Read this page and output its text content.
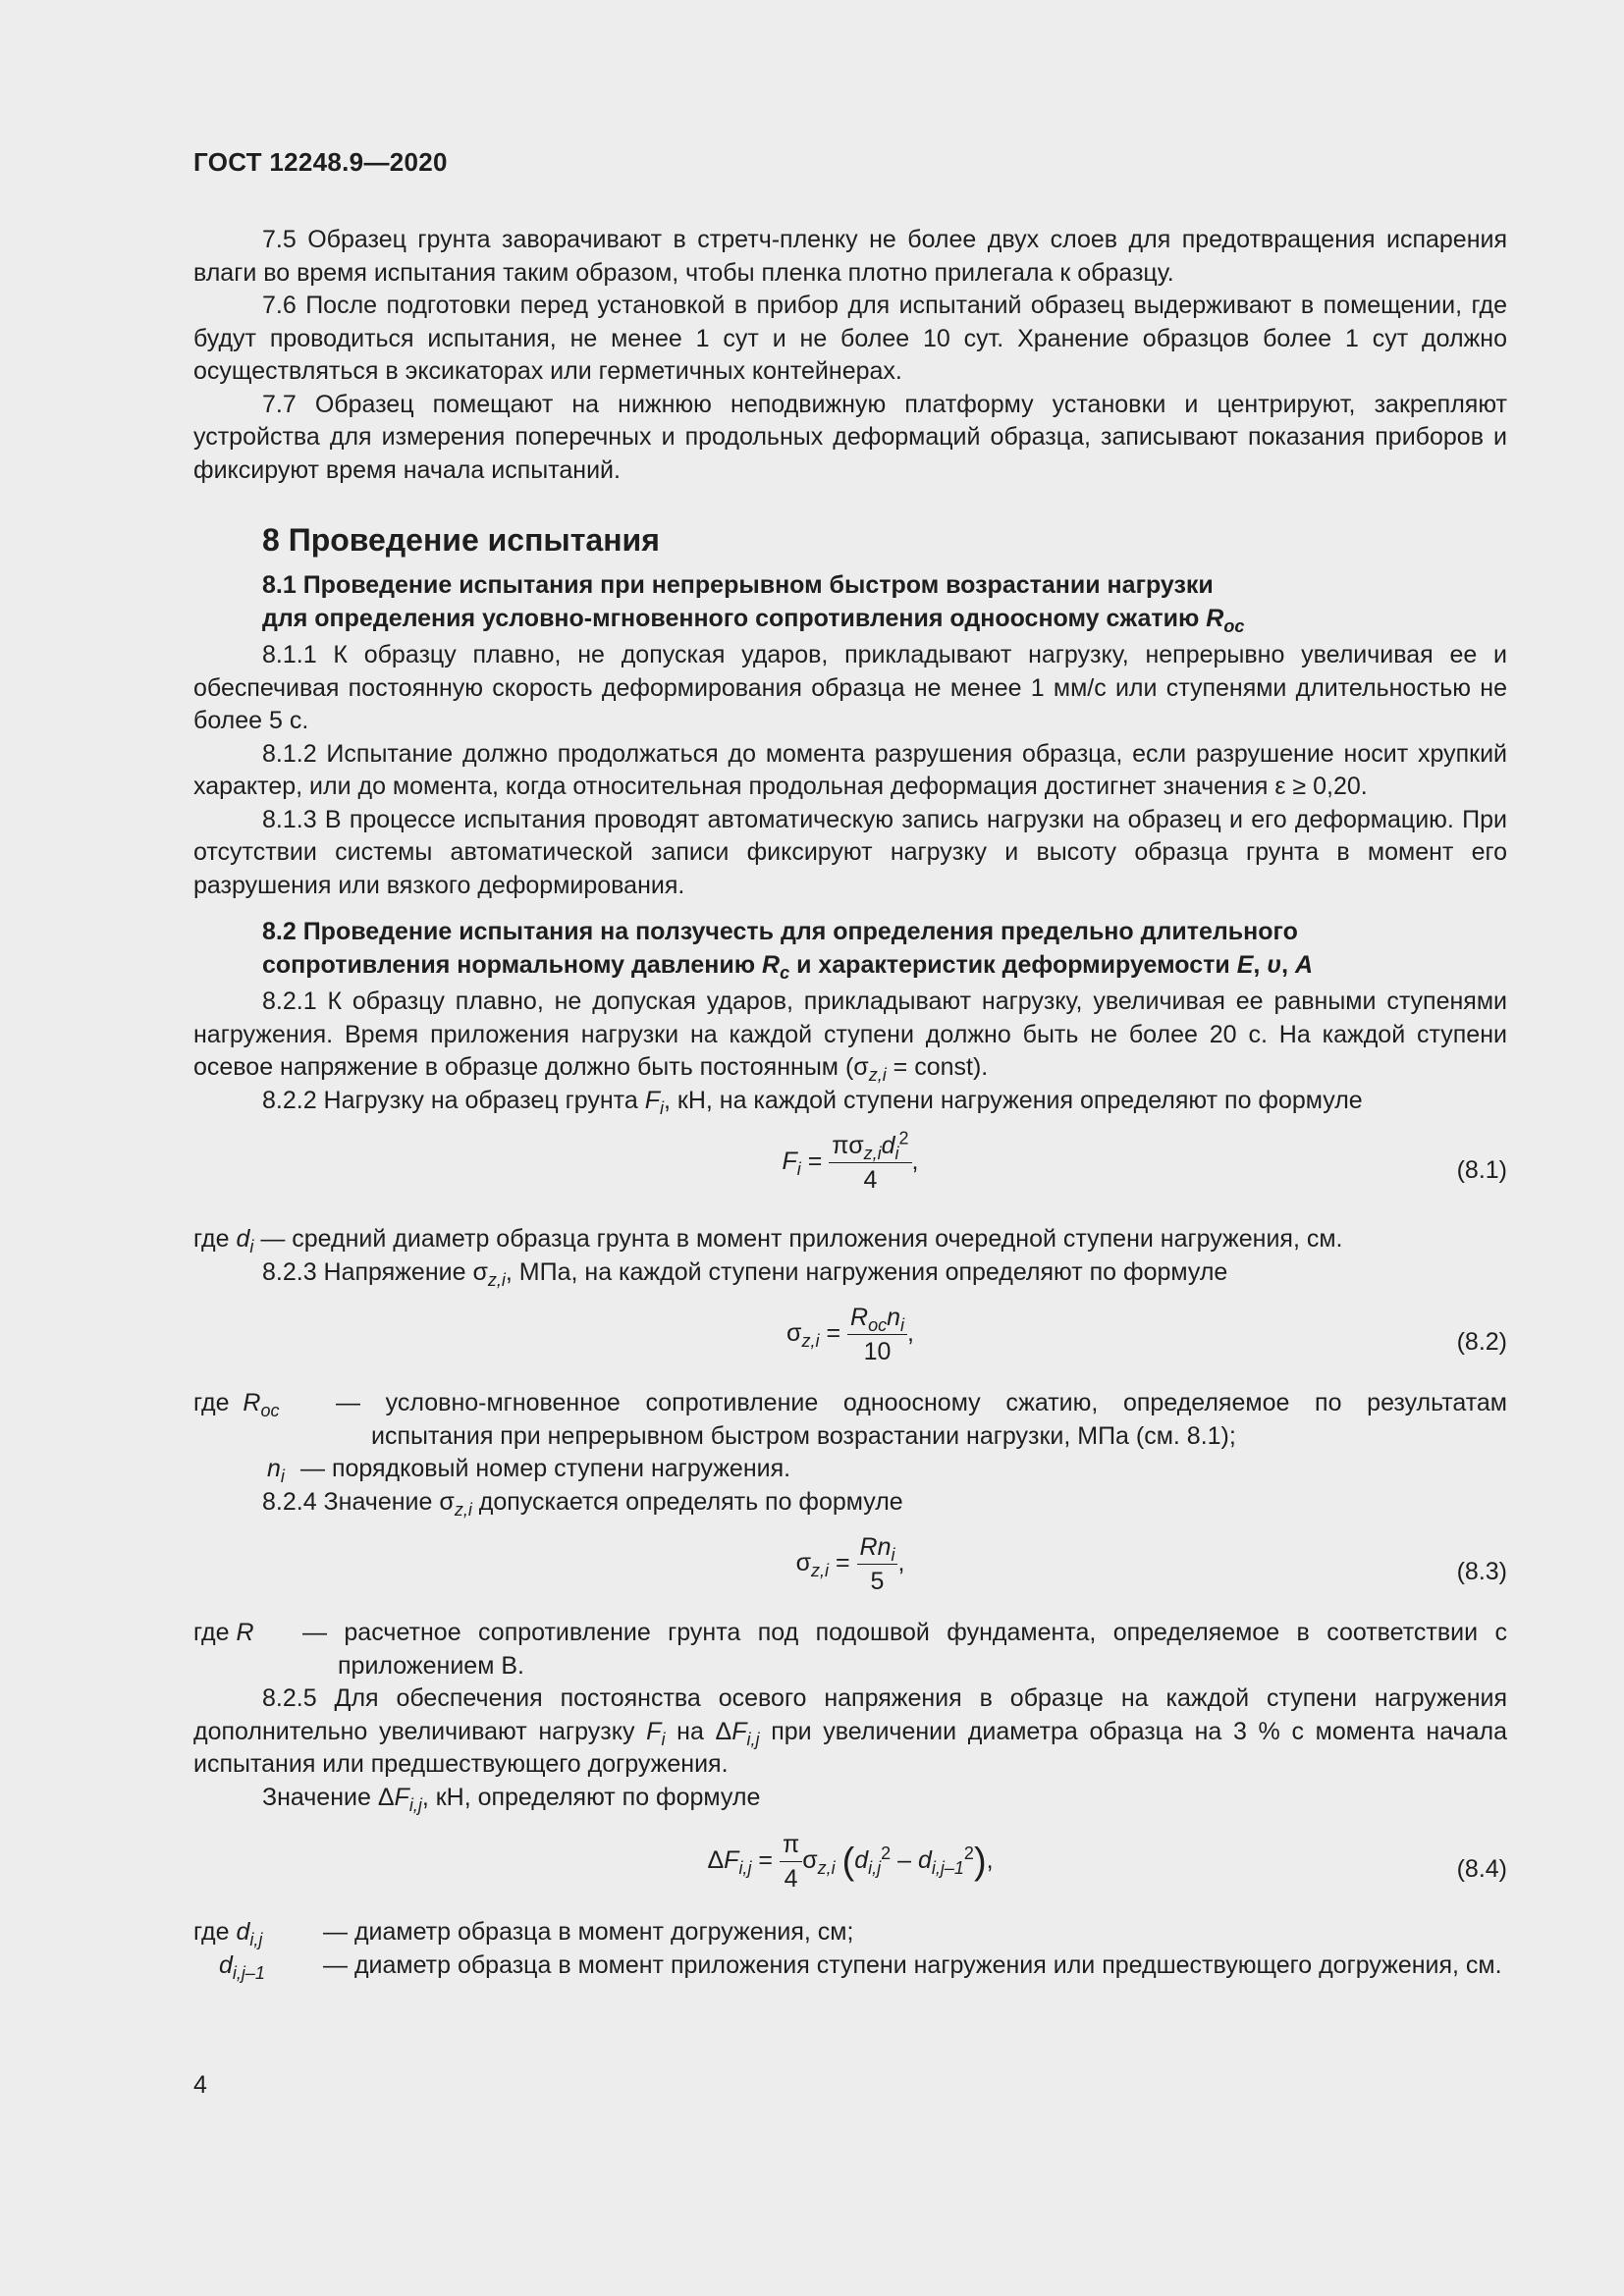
ГОСТ 12248.9—2020

7.5 Образец грунта заворачивают в стретч-пленку не более двух слоев для предотвращения испарения влаги во время испытания таким образом, чтобы пленка плотно прилегала к образцу.

7.6 После подготовки перед установкой в прибор для испытаний образец выдерживают в помещении, где будут проводиться испытания, не менее 1 сут и не более 10 сут. Хранение образцов более 1 сут должно осуществляться в эксикаторах или герметичных контейнерах.

7.7 Образец помещают на нижнюю неподвижную платформу установки и центрируют, закрепляют устройства для измерения поперечных и продольных деформаций образца, записывают показания приборов и фиксируют время начала испытаний.

8 Проведение испытания
8.1 Проведение испытания при непрерывном быстром возрастании нагрузки
для определения условно-мгновенного сопротивления одноосному сжатию $R_{oc}$

8.1.1 К образцу плавно, не допуская ударов, прикладывают нагрузку, непрерывно увеличивая ее и обеспечивая постоянную скорость деформирования образца не менее 1 мм/с или ступенями длительностью не более 5 с.

8.1.2 Испытание должно продолжаться до момента разрушения образца, если разрушение носит хрупкий характер, или до момента, когда относительная продольная деформация достигнет значения ε ≥ 0,20.

8.1.3 В процессе испытания проводят автоматическую запись нагрузки на образец и его деформацию. При отсутствии системы автоматической записи фиксируют нагрузку и высоту образца грунта в момент его разрушения или вязкого деформирования.

8.2 Проведение испытания на ползучесть для определения предельно длительного
сопротивления нормальному давлению $R_c$ и характеристик деформируемости E, υ, A

8.2.1 К образцу плавно, не допуская ударов, прикладывают нагрузку, увеличивая ее равными ступенями нагружения. Время приложения нагрузки на каждой ступени должно быть не более 20 с. На каждой ступени осевое напряжение в образце должно быть постоянным ($\sigma_{z,i}$ = const).

8.2.2 Нагрузку на образец грунта $F_i$, кН, на каждой ступени нагружения определяют по формуле

$F_i = \frac{\pi\sigma_{z,i}d_i^2}{4}$ ,	(8.1)

где $d_i$ — средний диаметр образца грунта в момент приложения очередной ступени нагружения, см.

8.2.3 Напряжение $\sigma_{z,i}$, МПа, на каждой ступени нагружения определяют по формуле

$\sigma_{z,i} = \frac{R_{oc}n_i}{10}$ ,	(8.2)
где $R_{oc}$ — условно-мгновенное сопротивление одноосному сжатию, определяемое по результатам испытания при непрерывном быстром возрастании нагрузки, МПа (см. 8.1);

$n_i$ — порядковый номер ступени нагружения.

8.2.4 Значение $\sigma_{z,i}$ допускается определять по формуле

$\sigma_{z,i} = \frac{Rn_i}{5}$ ,	(8.3)
где R — расчетное сопротивление грунта под подошвой фундамента, определяемое в соответствии с приложением В.

8.2.5 Для обеспечения постоянства осевого напряжения в образце на каждой ступени нагружения дополнительно увеличивают нагрузку $F_i$ на $\Delta F_{i,j}$ при увеличении диаметра образца на 3 % с момента начала испытания или предшествующего догружения.

Значение $\Delta F_{i,j}$, кН, определяют по формуле

$\Delta F_{i,j} = \frac{\pi}{4} \sigma_{z,i}$ $(d_{i,j}^2 - d_{i,j-1}^2)$,	(8.4)
где $d_{i,j}$ — диаметр образца в момент догружения, см;

$d_{i,j-1}$ — диаметр образца в момент приложения ступени нагружения или предшествующего догружения, см.

4
